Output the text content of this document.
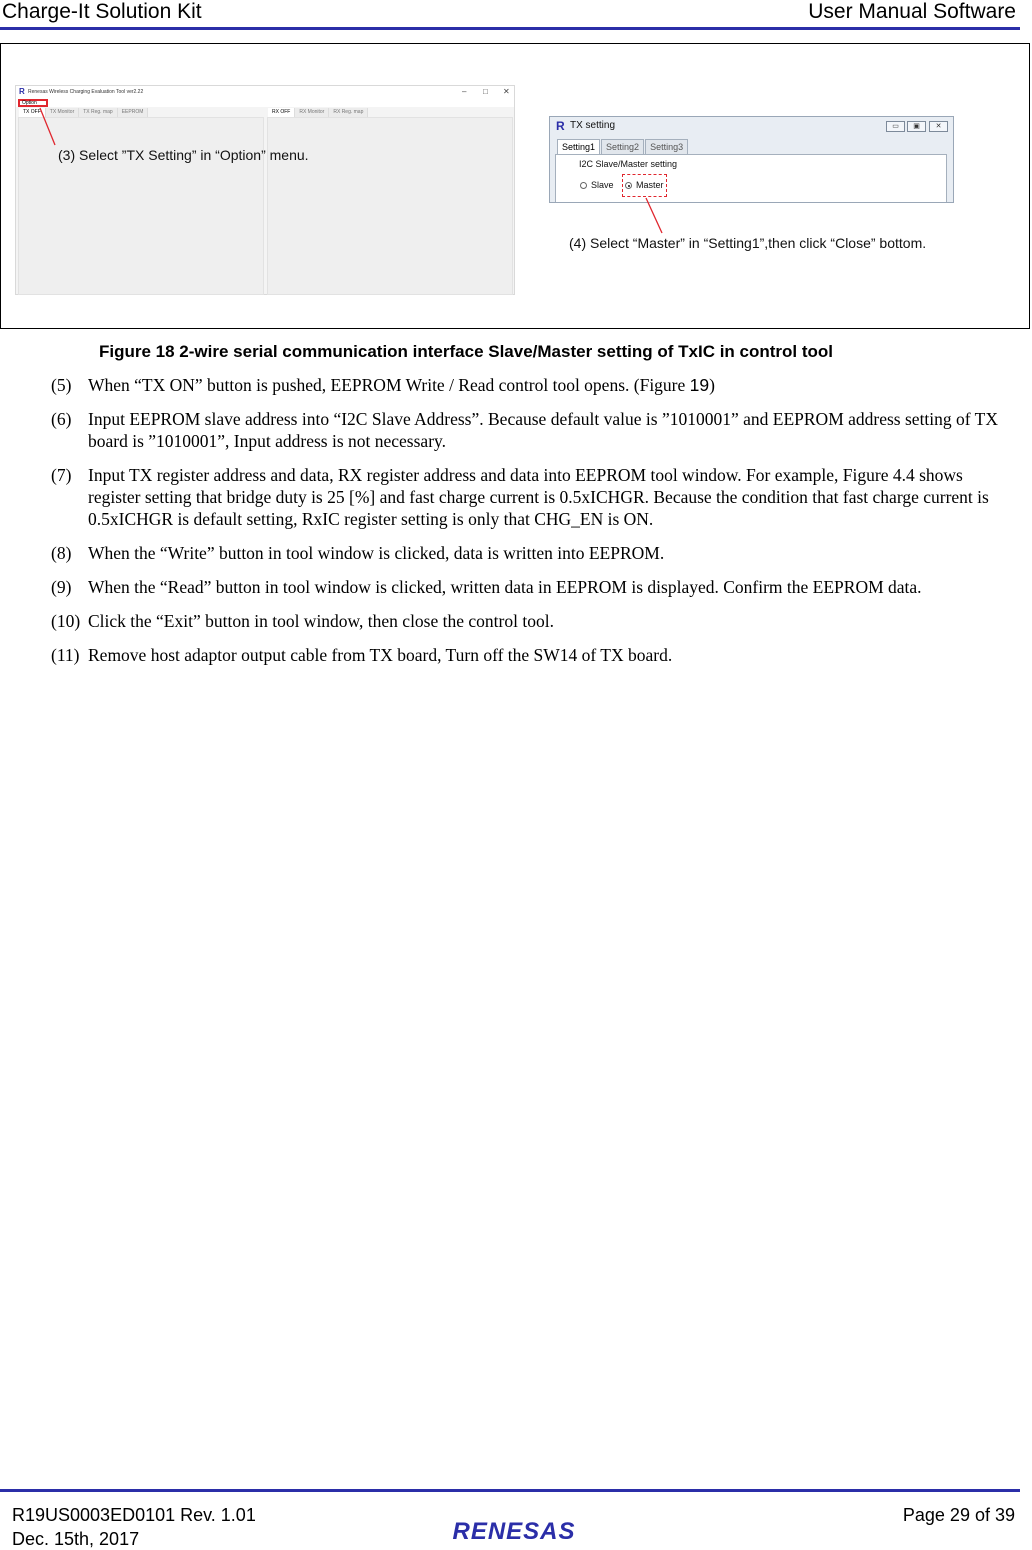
Charge-It Solution Kit	User Manual Software
R Renesas Wireless Charging Evaluation Tool ver2.22	– □ ✕
Option
TX OFF	TX Monitor	TX Reg. map	EEPROM	RX OFF	RX Monitor	RX Reg. map
R TX setting	▭	▣	✕
Setting1	Setting2	Setting3
I2C Slave/Master setting
Slave	Master
(3) Select ”TX Setting” in “Option” menu.
(4) Select “Master” in “Setting1”,then click “Close” bottom.
Figure 18 2-wire serial communication interface Slave/Master setting of TxIC in control tool
(5) When “TX ON” button is pushed, EEPROM Write / Read control tool opens. (Figure 19)
(6) Input EEPROM slave address into “I2C Slave Address”. Because default value is ”1010001” and EEPROM address setting of TX board is ”1010001”, Input address is not necessary.
(7) Input TX register address and data, RX register address and data into EEPROM tool window. For example, Figure 4.4 shows register setting that bridge duty is 25 [%] and fast charge current is 0.5xICHGR. Because the condition that fast charge current is 0.5xICHGR is default setting, RxIC register setting is only that CHG_EN is ON.
(8) When the “Write” button in tool window is clicked, data is written into EEPROM.
(9) When the “Read” button in tool window is clicked, written data in EEPROM is displayed. Confirm the EEPROM data.
(10) Click the “Exit” button in tool window, then close the control tool.
(11) Remove host adaptor output cable from TX board, Turn off the SW14 of TX board.
R19US0003ED0101 Rev. 1.01
Dec. 15th, 2017
Page 29 of 39
RENESAS
